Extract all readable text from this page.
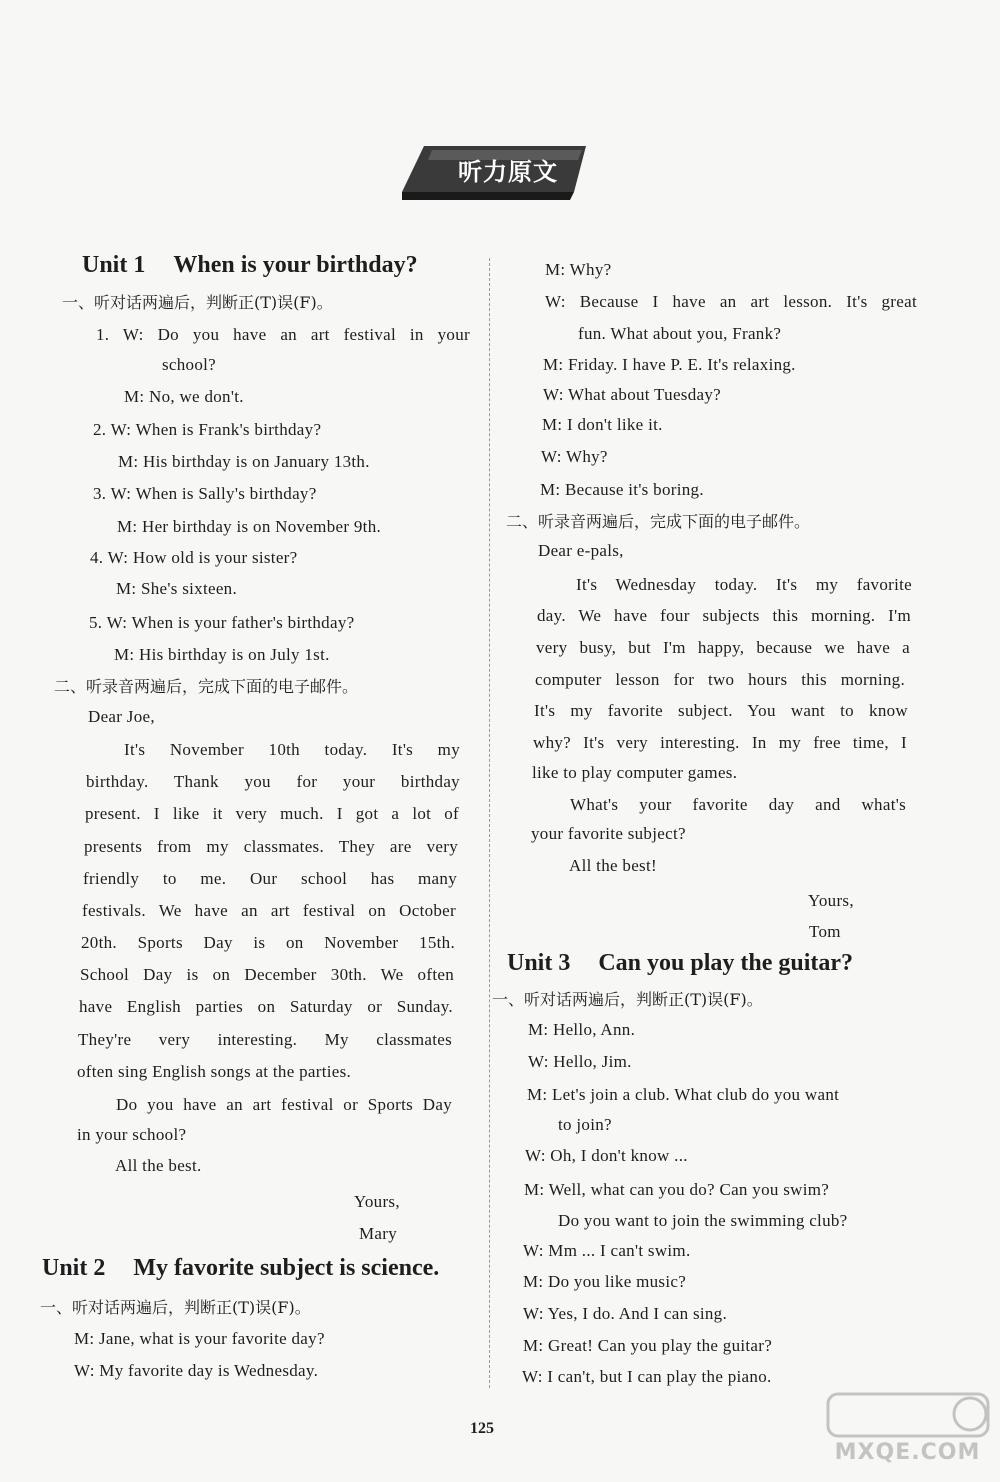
听力原文
Unit 1 When is your birthday?
一、听对话两遍后，判断正(T)误(F)。
1. W: Do you have an art festival in your
school?
M: No, we don't.
2. W: When is Frank's birthday?
M: His birthday is on January 13th.
3. W: When is Sally's birthday?
M: Her birthday is on November 9th.
4. W: How old is your sister?
M: She's sixteen.
5. W: When is your father's birthday?
M: His birthday is on July 1st.
二、听录音两遍后，完成下面的电子邮件。
Dear Joe,
It's November 10th today. It's my
birthday. Thank you for your birthday
present. I like it very much. I got a lot of
presents from my classmates. They are very
friendly to me. Our school has many
festivals. We have an art festival on October
20th. Sports Day is on November 15th.
School Day is on December 30th. We often
have English parties on Saturday or Sunday.
They're very interesting. My classmates
often sing English songs at the parties.
Do you have an art festival or Sports Day
in your school?
All the best.
Yours,
Mary
Unit 2 My favorite subject is science.
一、听对话两遍后，判断正(T)误(F)。
M: Jane, what is your favorite day?
W: My favorite day is Wednesday.
M: Why?
W: Because I have an art lesson. It's great
fun. What about you, Frank?
M: Friday. I have P. E. It's relaxing.
W: What about Tuesday?
M: I don't like it.
W: Why?
M: Because it's boring.
二、听录音两遍后，完成下面的电子邮件。
Dear e-pals,
It's Wednesday today. It's my favorite
day. We have four subjects this morning. I'm
very busy, but I'm happy, because we have a
computer lesson for two hours this morning.
It's my favorite subject. You want to know
why? It's very interesting. In my free time, I
like to play computer games.
What's your favorite day and what's
your favorite subject?
All the best!
Yours,
Tom
Unit 3 Can you play the guitar?
一、听对话两遍后，判断正(T)误(F)。
M: Hello, Ann.
W: Hello, Jim.
M: Let's join a club. What club do you want
to join?
W: Oh, I don't know ...
M: Well, what can you do? Can you swim?
Do you want to join the swimming club?
W: Mm ... I can't swim.
M: Do you like music?
W: Yes, I do. And I can sing.
M: Great! Can you play the guitar?
W: I can't, but I can play the piano.
125
MXQE.COM
